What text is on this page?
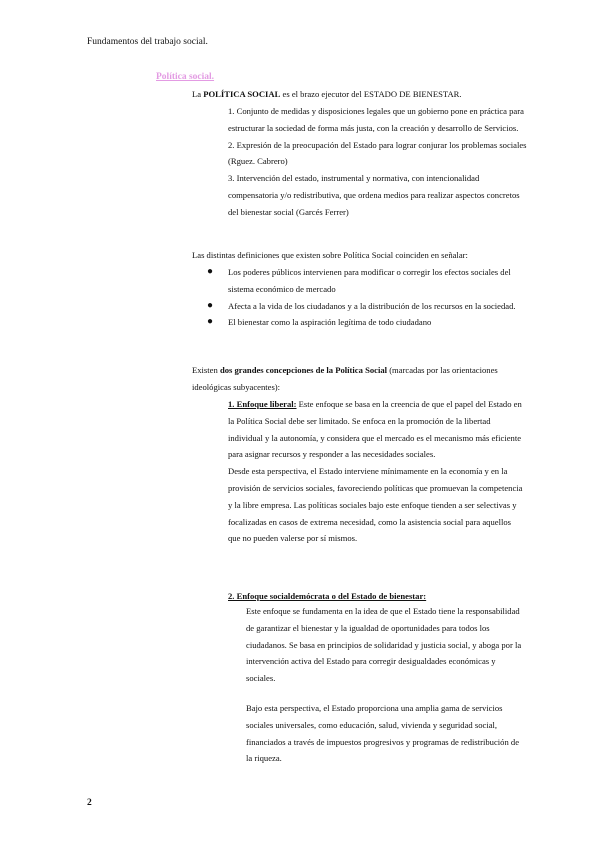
Fundamentos del trabajo social.
Política social.

La POLÍTICA SOCIAL es el brazo ejecutor del ESTADO DE BIENESTAR.

1. Conjunto de medidas y disposiciones legales que un gobierno pone en práctica para estructurar la sociedad de forma más justa, con la creación y desarrollo de Servicios.

2. Expresión de la preocupación del Estado para lograr conjurar los problemas sociales (Rguez. Cabrero)

3. Intervención del estado, instrumental y normativa, con intencionalidad compensatoria y/o redistributiva, que ordena medios para realizar aspectos concretos del bienestar social (Garcés Ferrer)

Las distintas definiciones que existen sobre Política Social coinciden en señalar:

●	Los poderes públicos intervienen para modificar o corregir los efectos sociales del sistema económico de mercado

●	Afecta a la vida de los ciudadanos y a la distribución de los recursos en la sociedad.

●	El bienestar como la aspiración legítima de todo ciudadano

Existen dos grandes concepciones de la Política Social (marcadas por las orientaciones ideológicas subyacentes):

1. Enfoque liberal: Este enfoque se basa en la creencia de que el papel del Estado en la Política Social debe ser limitado. Se enfoca en la promoción de la libertad individual y la autonomía, y considera que el mercado es el mecanismo más eficiente para asignar recursos y responder a las necesidades sociales.

Desde esta perspectiva, el Estado interviene mínimamente en la economía y en la provisión de servicios sociales, favoreciendo políticas que promuevan la competencia y la libre empresa. Las políticas sociales bajo este enfoque tienden a ser selectivas y focalizadas en casos de extrema necesidad, como la asistencia social para aquellos que no pueden valerse por sí mismos.

2. Enfoque socialdemócrata o del Estado de bienestar:

Este enfoque se fundamenta en la idea de que el Estado tiene la responsabilidad de garantizar el bienestar y la igualdad de oportunidades para todos los ciudadanos. Se basa en principios de solidaridad y justicia social, y aboga por la intervención activa del Estado para corregir desigualdades económicas y sociales.

Bajo esta perspectiva, el Estado proporciona una amplia gama de servicios sociales universales, como educación, salud, vivienda y seguridad social, financiados a través de impuestos progresivos y programas de redistribución de la riqueza.

2
